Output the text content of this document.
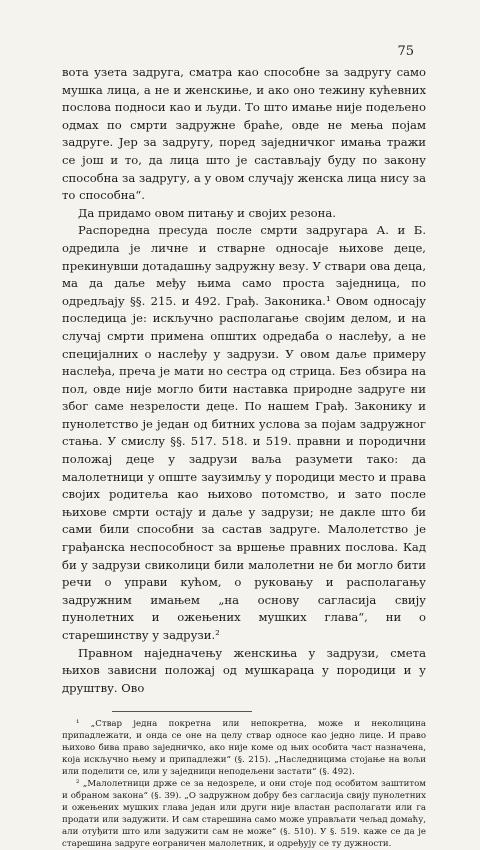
75

вота узета задруга, сматра као способне за задругу само мушка лица, а не и женскиње, и ако оно тежину кућевних послова подноси као и људи. То што имање није подељено одмах по смрти задружне браће, овде не мења појам задруге. Јер за задругу, поред заједничког имања тражи се још и то, да лица што је састављају буду по закону способна за задругу, а у овом случају женска лица нису за то способна“.

Да придамо овом питању и својих резона.

Распоредна пресуда после смрти задругара А. и Б. одредила је личне и стварне односаје њихове деце, прекинувши дотадашњу задружну везу. У ствари ова деца, ма да даље међу њима само проста заједница, по одредљају §§. 215. и 492. Грађ. Законика.¹ Овом односају последица је: искључно располагање својим делом, и на случај смрти примена општих одредаба о наслеђу, а не специјалних о наслеђу у задрузи. У овом даље примеру наслеђа, преча је мати но сестра од стрица. Без обзира на пол, овде није могло бити наставка природне задруге ни због саме незрелости деце. По нашем Грађ. Законику и пунолетство је један од битних услова за појам задружног стања. У смислу §§. 517. 518. и 519. правни и породични положај деце у задрузи ваља разумети тако: да малолетници у опште заузимљу у породици место и права својих родитеља као њихово потомство, и зато после њихове смрти остају и даље у задрузи; не дакле што би сами били способни за састав задруге. Малолетство је грађанска неспособност за вршење правних послова. Кад би у задрузи свиколици били малолетни не би могло бити речи о управи кућом, о руковању и располагању задружним имањем „на основу сагласија свију пунолетних и ожењених мушких глава“, ни о старешинству у задрузи.²

Правном наједначењу женскиња у задрузи, смета њихов зависни положај од мушкараца у породици и у друштву. Ово

¹ „Ствар једна покретна или непокретна, може и неколицина припадлежати, и онда се оне на целу ствар односе као једно лице. И право њихово бива право заједничко, ако није коме од њих особита част назначена, која искључно њему и припадлежи“ (§. 215). „Наследницима стојање на вољи или поделити се, или у заједници неподељени застати“ (§. 492).

² „Малолетници држе се за недозреле, и они стоје под особитом заштитом и обраном закона“ (§. 39). „О задружном добру без сагласија свију пунолетних и ожењених мушких глава један или други није властан располагати или га продати или задужити. И сам старешина само може управљати чељад домаћу, али отуђити што или задужити сам не може“ (§. 510). У §. 519. каже се да је старешина задруге еограничен малолетник, и одређују се ту дужности.
